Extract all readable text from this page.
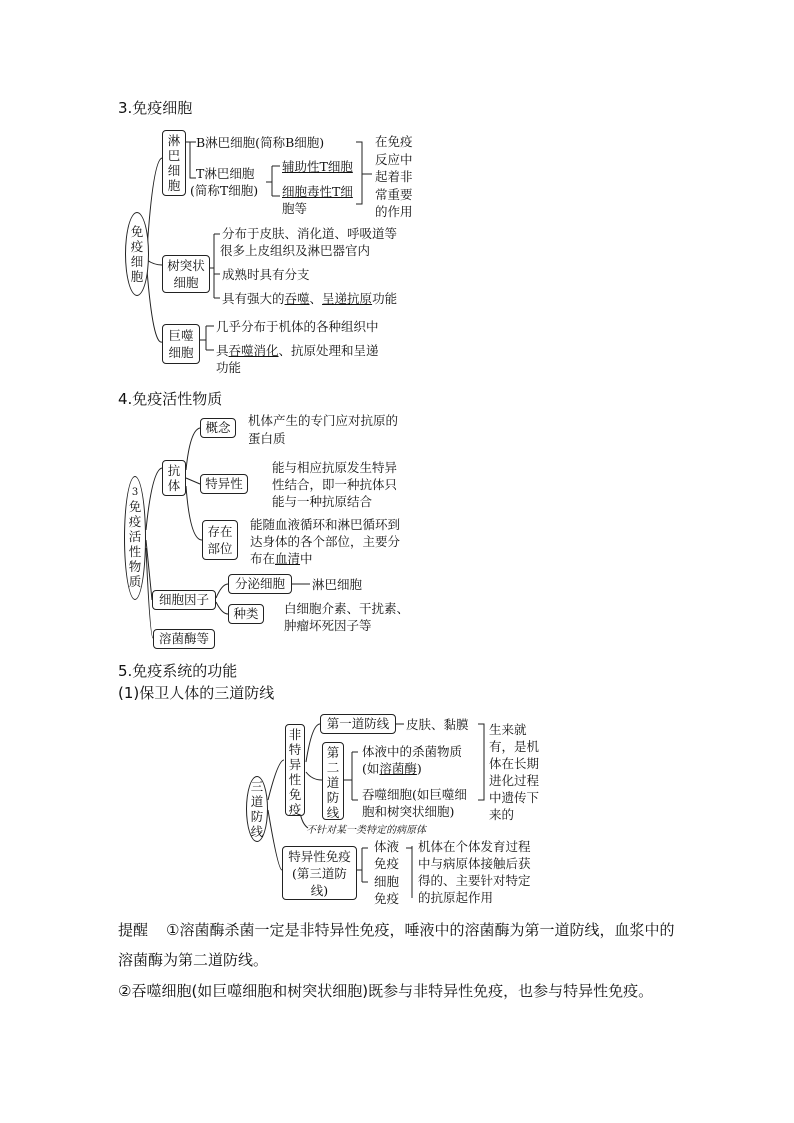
3.免疫细胞
免疫细胞
淋巴细胞
B淋巴细胞(简称B细胞)
T淋巴细胞
(简称T细胞)
辅助性T细胞
细胞毒性T细
胞等
在免疫反应中起着非常重要的作用
树突状细胞
分布于皮肤、消化道、呼吸道等
很多上皮组织及淋巴器官内
成熟时具有分支
具有强大的吞噬、呈递抗原功能
巨噬细胞
几乎分布于机体的各种组织中
具吞噬消化、抗原处理和呈递
功能
4.免疫活性物质
3
免疫活性物质
抗体
概念	机体产生的专门应对抗原的
蛋白质
特异性
能与相应抗原发生特异
性结合，即一种抗体只
能与一种抗原结合
存在部位
能随血液循环和淋巴循环到
达身体的各个部位，主要分
布在血清中
细胞因子
分泌细胞	淋巴细胞
种类	白细胞介素、干扰素、
肿瘤坏死因子等
溶菌酶等
5.免疫系统的功能
(1)保卫人体的三道防线
三道防线
非特异性免疫
第一道防线	皮肤、黏膜
第二道防线
体液中的杀菌物质
(如溶菌酶)
吞噬细胞(如巨噬细
胞和树突状细胞)
生来就有，是机体在长期进化过程中遗传下来的
不针对某一类特定的病原体
特异性免疫(第三道防线)
体液免疫
细胞免疫
机体在个体发育过程
中与病原体接触后获
得的、主要针对特定
的抗原起作用
提醒 ①溶菌酶杀菌一定是非特异性免疫，唾液中的溶菌酶为第一道防线，血浆中的溶菌酶为第二道防线。
②吞噬细胞(如巨噬细胞和树突状细胞)既参与非特异性免疫，也参与特异性免疫。
